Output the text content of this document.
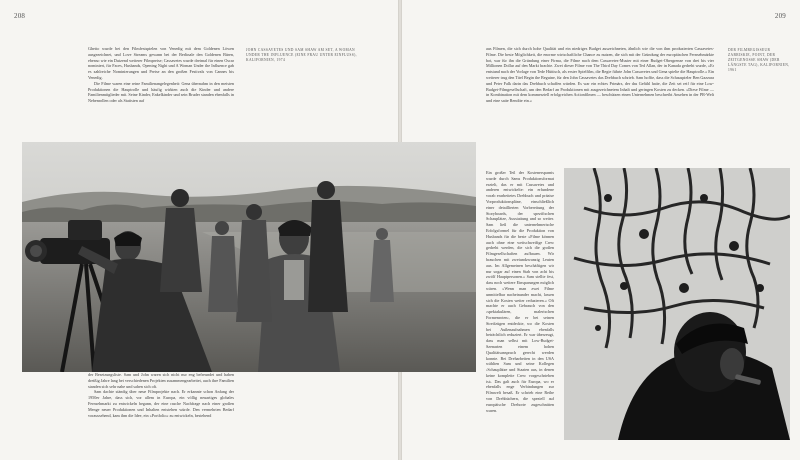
208

Ghetto wurde bei den Filmfestspielen von Venedig mit dem Goldenen Löwen ausgezeichnet, und Love Streams gewann bei der Berlinale den Goldenen Bären, ebenso wie ein Dutzend weiterer Filmpreise; Cassavetes wurde dreimal für einen Oscar nominiert, für Faces, Husbands, Opening Night und A Woman Under the Influence gab es zahlreiche Nominierungen und Preise an den großen Festivals von Cannes bis Venedig.

Die Filme waren eine reine Familienangelegenheit: Gena übernahm in den meisten Produktionen die Hauptrolle und häufig wirkten auch die Kinder und andere Familienmitglieder mit. Seine Kinder, Enkelkinder und sein Bruder standen ebenfalls in Nebenrollen oder als Statisten auf

JOHN CASSAVETES UND SAM SHAW AM SET, A WOMAN UNDER THE INFLUENCE (EINE FRAU UNTER EINFLUSS), KALIFORNIEN, 1974

der Besetzungsliste. Sam und John waren sich nicht nur eng befreundet und haben dreißig Jahre lang bei verschiedenen Projekten zusammengearbeitet, auch ihre Familien standen sich sehr nahe und sahen sich oft.

Sam dachte ständig über neue Filmprojekte nach. Er erkannte schon Anfang der 1950er Jahre, dass sich, vor allem in Europa, ein völlig neuartiges globales Fernsehmarkt zu entwickeln begann, der eine rasche Nachfrage nach einer großen Menge neuer Produktionen und Inhalten entstehen würde. Den vermehrten Bedarf voraussehend, kam ihm die Idee, ein »Portfolio« zu entwickeln, bestehend

209

aus Filmen, die sich durch hohe Qualität und ein niedriges Budget auszeichneten, ähnlich wie die von ihm produzierten Cassavetes-Filme. Die beste Möglichkeit, die enorme wirtschaftliche Chance zu nutzen, die sich mit der Gründung der europäischen Fernsehmärkte bot, war für ihn die Gründung einer Firma, die Filme nach dem Cassavetes-Muster mit einer Budget-Obergrenze von drei bis vier Millionen Dollar auf den Markt brachte. Zwei dieser Filme von The Third Day Comes von Ted Allan, der in Kanada gedreht wurde, »Er entstand nach der Vorlage von Tede Hüttisch, als erster Spielfilm, die Regie führte John Cassavetes und Gena spielte die Hauptrolle.« Ein weiterer trug den Titel Begin the Beguine, für den John Cassavetes das Drehbuch schrieb. Sam hoffte, dass die Schauspieler Ben Gazzara und Peter Falk darin das Drehbuch schaffen würden. Es war ein echtes Primärs, der das Gefühl hatte, die Zeit sei reif für eine Low-Budget-Filmgesellschaft, um den Bedarf an Produktionen mit ausgezeichnetem Inhalt und geringen Kosten zu decken. »Diese Filme — in Kombination mit dem kommerziell erfolgreichen Actionfilmen — beschützen einen Unternehmen beschreibt Ansehen in der PR-Welt und eine satte Rendite ein.«

DER FILMREGISSEUR ZABRISKIE, POINT, DER ZEITGENOSSE SHAW (DER LÄNGSTE TAG), KALIFORNIEN, 1961

Ein großer Teil der Kostenersparnis wurde durch Sams Produktionsformat erzielt, das er mit Cassavetes und anderen entwickelte: ein erfundene vorab erarbeitetes Drehbuch und präzise Vorproduktionspläne, einschließlich einer detaillierten Vorbereitung der Storyboards, der spezifischen Schauplätze, Ausstattung und so weiter. Sam ließ die unternehmerische Erfolgsformel für die Produktion von Husbands für die beste »Filme können auch ohne eine weitschweifige Crew gedreht werden, die sich die großen Filmgesellschaften aufbauen. Wir brauchen mit zweiundzwanzig Leuten aus. Im Allgemeinen beschäftigen wir nur sogar auf einen Stab von acht bis zwölf Hauptpersonen.« Sam stellte fest, dass noch weitere Einsparungen möglich wären. »Wenn man zwei Filme unmittelbar nacheinander macht, lassen sich die Kosten weiter reduzieren.« Oft machte er auch Gebrauch von den ›spektakulären, malerischen Formenroten‹, die er bei seinen Streifzügen entdeckte, wo die Kosten bei Außenaufnahmen ebenfalls beträchtlich reduziert. Er war überzeugt, dass man selbst mit Low-Budget-Szenarien einem hohen Qualitätsanspruch gerecht werden konnte. Bei Dreharbeiten in den USA wählten Sam und seine Kollegen ›Schauplätze und Staaten aus, in denen keine komplette Crew vorgeschrieben ist‹. Das galt auch für Europa, wo er ebenfalls enge Verbindungen zur Filmwelt besaß. Er schrieb eine Reihe von Drehbüchern, die speziell auf europäische Drehorte zugeschnitten waren.
